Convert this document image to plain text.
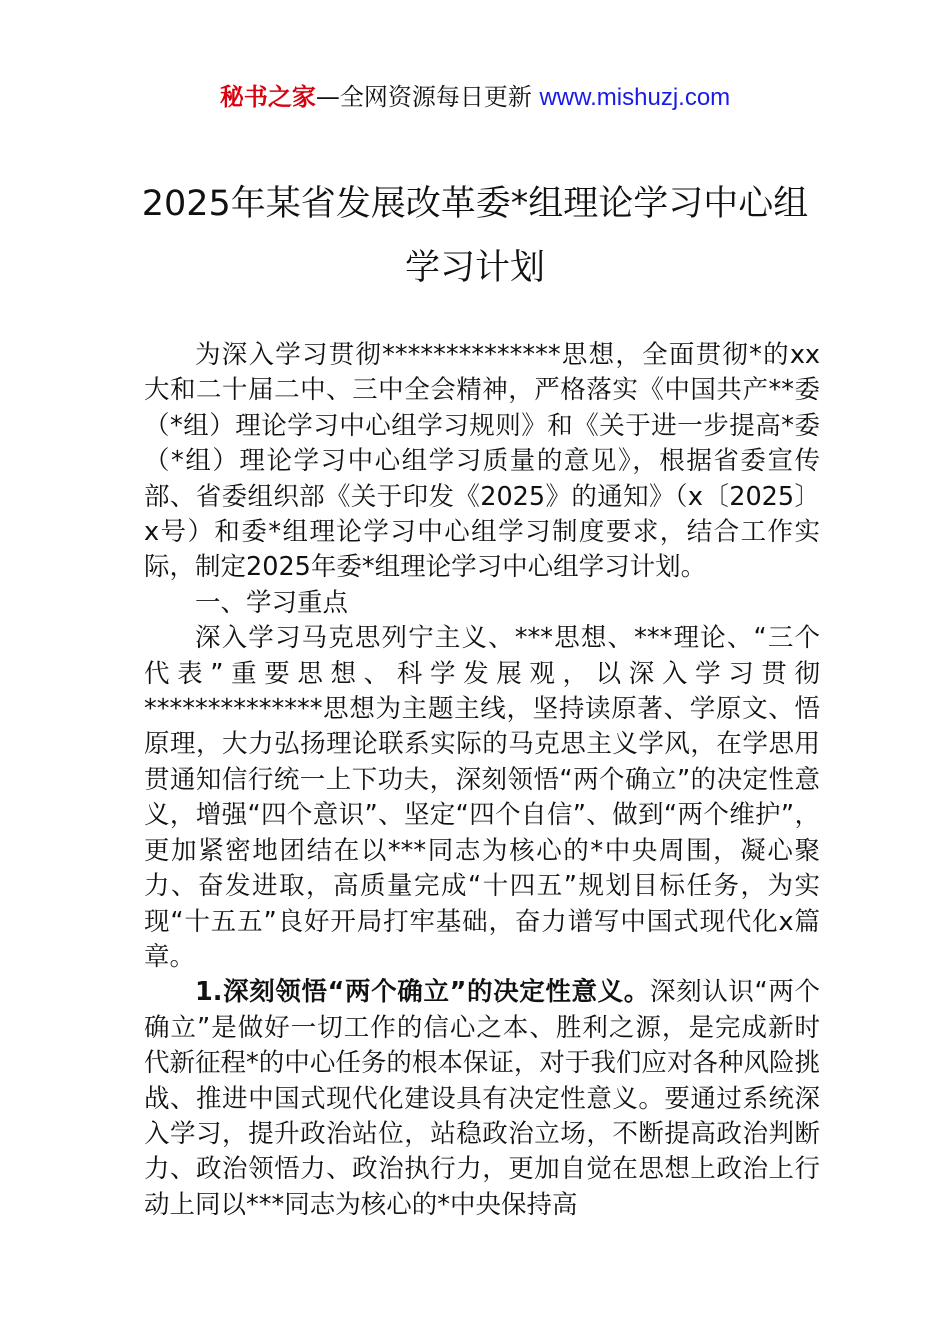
秘书之家—全网资源每日更新 www.mishuzj.com
2025年某省发展改革委*组理论学习中心组
学习计划

为深入学习贯彻**************思想，全面贯彻*的xx大和二十届二中、三中全会精神，严格落实《中国共产**委（*组）理论学习中心组学习规则》和《关于进一步提高*委（*组）理论学习中心组学习质量的意见》，根据省委宣传部、省委组织部《关于印发《2025》的通知》（x〔2025〕x号）和委*组理论学习中心组学习制度要求，结合工作实际，制定2025年委*组理论学习中心组学习计划。

一、学习重点

深入学习马克思列宁主义、***思想、***理论、“三个代表”重要思想、科学发展观，以深入学习贯彻**************思想为主题主线，坚持读原著、学原文、悟原理，大力弘扬理论联系实际的马克思主义学风，在学思用贯通知信行统一上下功夫，深刻领悟“两个确立”的决定性意义，增强“四个意识”、坚定“四个自信”、做到“两个维护”，更加紧密地团结在以***同志为核心的*中央周围，凝心聚力、奋发进取，高质量完成“十四五”规划目标任务，为实现“十五五”良好开局打牢基础，奋力谱写中国式现代化x篇章。

1.深刻领悟“两个确立”的决定性意义。深刻认识“两个确立”是做好一切工作的信心之本、胜利之源，是完成新时代新征程*的中心任务的根本保证，对于我们应对各种风险挑战、推进中国式现代化建设具有决定性意义。要通过系统深入学习，提升政治站位，站稳政治立场，不断提高政治判断力、政治领悟力、政治执行力，更加自觉在思想上政治上行动上同以***同志为核心的*中央保持高
